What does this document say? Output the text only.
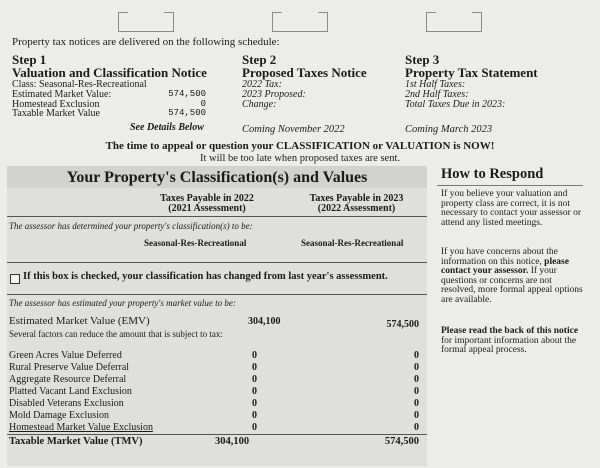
Property tax notices are delivered on the following schedule:
Step 1
Valuation and Classification Notice
Class: Seasonal-Res-Recreational
Estimated Market Value:	574,500
Homestead Exclusion	0
Taxable Market Value	574,500
See Details Below
Step 2
Proposed Taxes Notice
2022 Tax:
2023 Proposed:
Change:
Coming November 2022
Step 3
Property Tax Statement
1st Half Taxes:
2nd Half Taxes:
Total Taxes Due in 2023:
Coming March 2023
The time to appeal or question your CLASSIFICATION or VALUATION is NOW!
It will be too late when proposed taxes are sent.
Your Property's Classification(s) and Values
Taxes Payable in 2022
(2021 Assessment)
Taxes Payable in 2023
(2022 Assessment)
The assessor has determined your property's classification(s) to be:
Seasonal-Res-Recreational	Seasonal-Res-Recreational
If this box is checked, your classification has changed from last year's assessment.
The assessor has estimated your property's market value to be:
Estimated Market Value (EMV)	304,100	574,500
Several factors can reduce the amount that is subject to tax:
Green Acres Value Deferred	0	0
Rural Preserve Value Deferral	0	0
Aggregate Resource Deferral	0	0
Platted Vacant Land Exclusion	0	0
Disabled Veterans Exclusion	0	0
Mold Damage Exclusion	0	0
Homestead Market Value Exclusion	0	0
Taxable Market Value (TMV)	304,100	574,500
How to Respond
If you believe your valuation and property class are correct, it is not necessary to contact your assessor or attend any listed meetings.
If you have concerns about the information on this notice, please contact your assessor. If your questions or concerns are not resolved, more formal appeal options are available.
Please read the back of this notice for important information about the formal appeal process.
